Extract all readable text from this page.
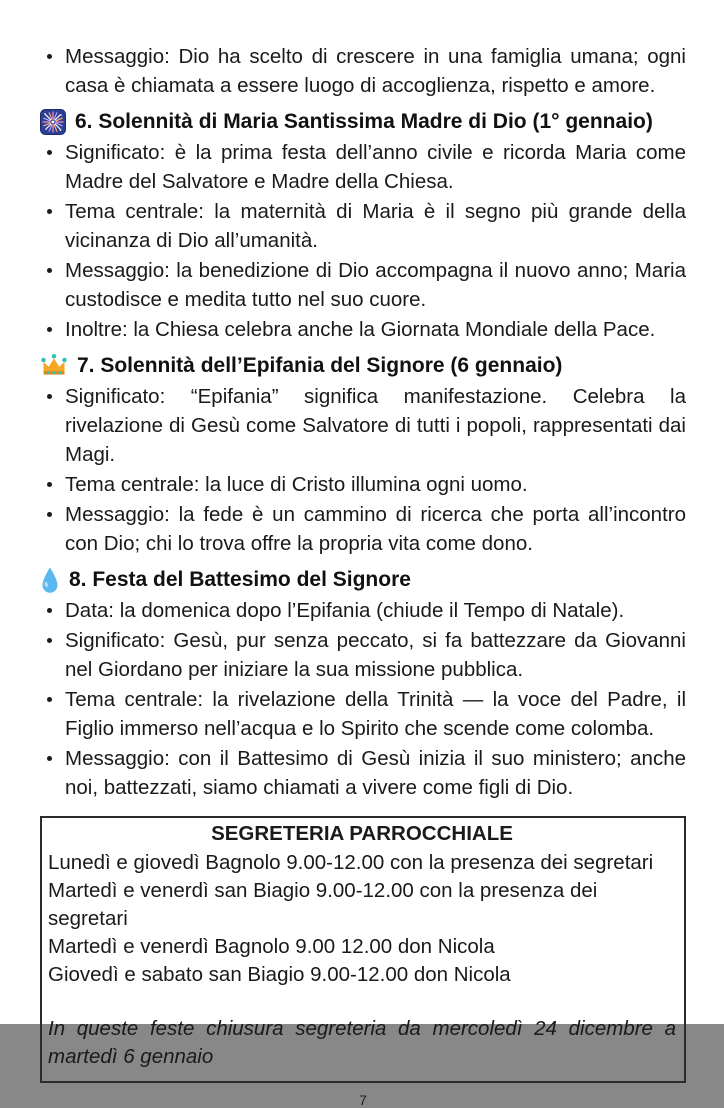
Messaggio: Dio ha scelto di crescere in una famiglia umana; ogni casa è chiamata a essere luogo di accoglienza, rispetto e amore.
6. Solennità di Maria Santissima Madre di Dio (1° gennaio)
Significato: è la prima festa dell’anno civile e ricorda Maria come Madre del Salvatore e Madre della Chiesa.
Tema centrale: la maternità di Maria è il segno più grande della vicinanza di Dio all’umanità.
Messaggio: la benedizione di Dio accompagna il nuovo anno; Maria custodisce e medita tutto nel suo cuore.
Inoltre: la Chiesa celebra anche la Giornata Mondiale della Pace.
7. Solennità dell’Epifania del Signore (6 gennaio)
Significato: “Epifania” significa manifestazione. Celebra la rivelazione di Gesù come Salvatore di tutti i popoli, rappresentati dai Magi.
Tema centrale: la luce di Cristo illumina ogni uomo.
Messaggio: la fede è un cammino di ricerca che porta all’incontro con Dio; chi lo trova offre la propria vita come dono.
8. Festa del Battesimo del Signore
Data: la domenica dopo l’Epifania (chiude il Tempo di Natale).
Significato: Gesù, pur senza peccato, si fa battezzare da Giovanni nel Giordano per iniziare la sua missione pubblica.
Tema centrale: la rivelazione della Trinità — la voce del Padre, il Figlio immerso nell’acqua e lo Spirito che scende come colomba.
Messaggio: con il Battesimo di Gesù inizia il suo ministero; anche noi, battezzati, siamo chiamati a vivere come figli di Dio.
SEGRETERIA PARROCCHIALE
Lunedì e giovedì Bagnolo 9.00-12.00 con la presenza dei segretari
Martedì e venerdì san Biagio 9.00-12.00 con la presenza dei segretari
Martedì e venerdì Bagnolo 9.00 12.00 don Nicola
Giovedì e sabato san Biagio 9.00-12.00 don Nicola
In queste feste chiusura segreteria da mercoledì 24 dicembre a martedì 6 gennaio
7
